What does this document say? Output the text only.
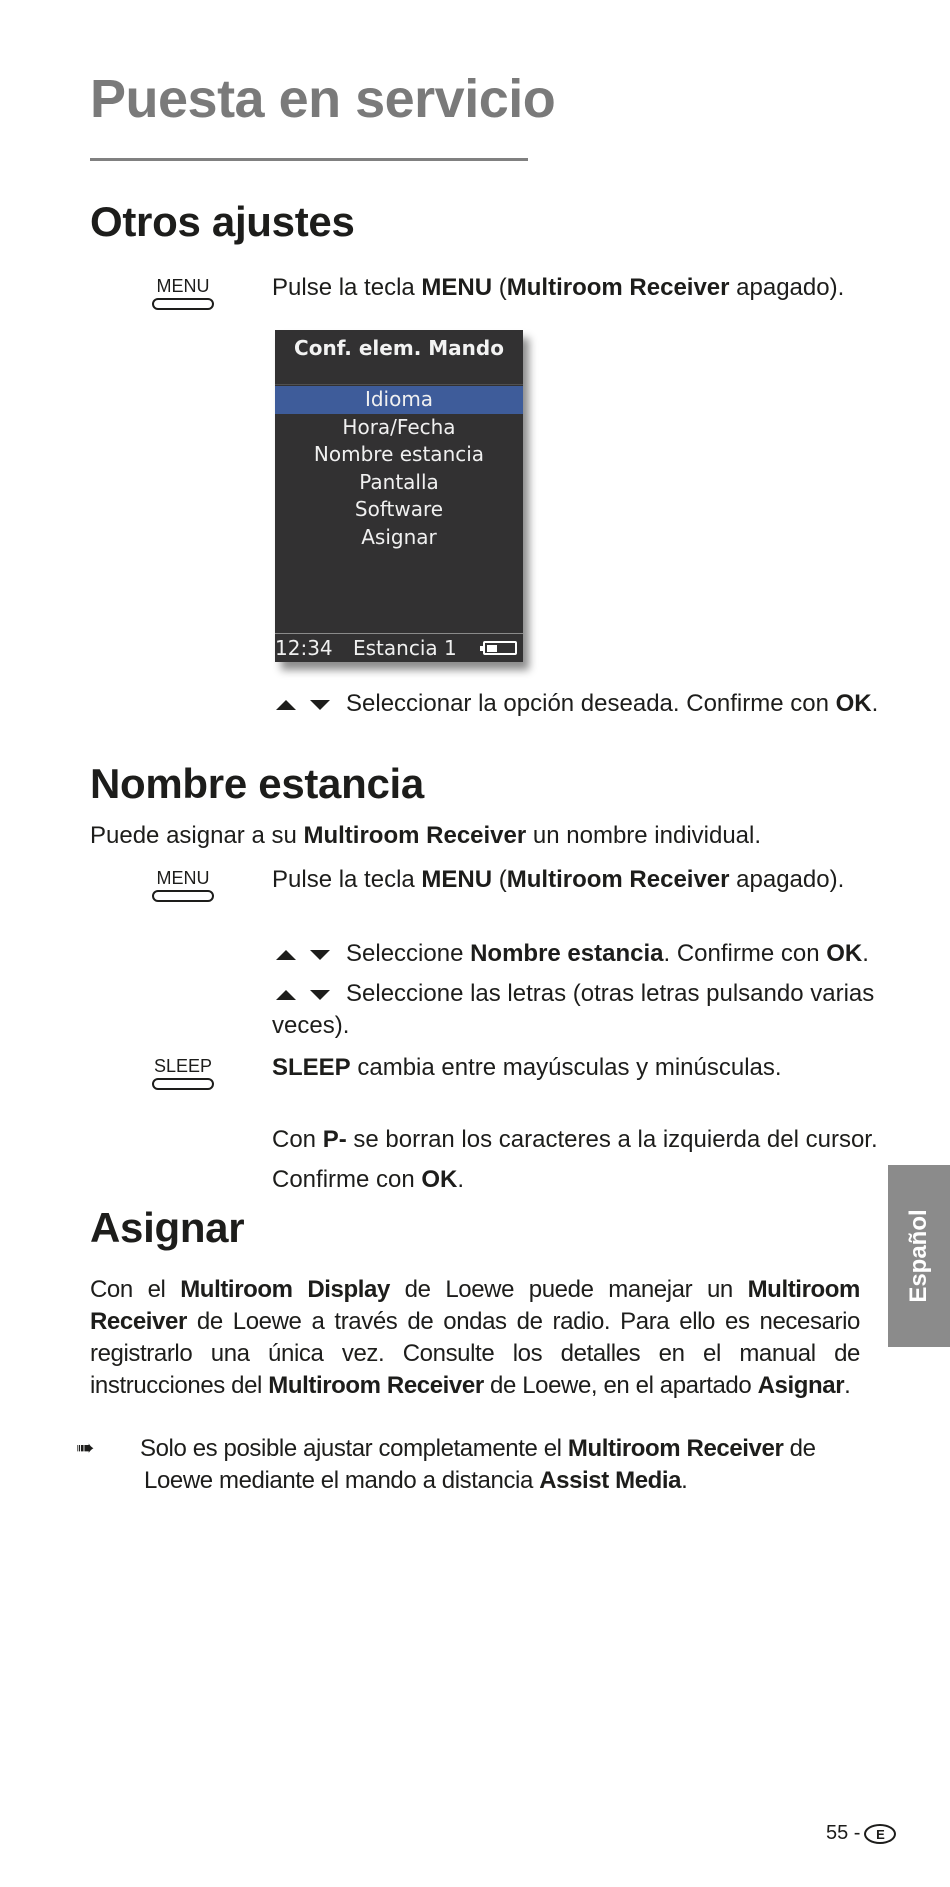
Puesta en servicio
Otros ajustes
MENU	Pulse la tecla MENU (Multiroom Receiver apagado).
Conf. elem. Mando
Idioma
Hora/Fecha
Nombre estancia
Pantalla
Software
Asignar
12:34 Estancia 1
Seleccionar la opción deseada. Confirme con OK.
Nombre estancia
Puede asignar a su Multiroom Receiver un nombre individual.
MENU	Pulse la tecla MENU (Multiroom Receiver apagado).
Seleccione Nombre estancia. Confirme con OK.
Seleccione las letras (otras letras pulsando varias
veces).
SLEEP SLEEP cambia entre mayúsculas y minúsculas.
Con P- se borran los caracteres a la izquierda del cursor.
Confirme con OK.
Asignar
Con el Multiroom Display de Loewe puede manejar un Multiroom Receiver de Loewe a través de ondas de radio. Para ello es necesario registrarlo una única vez. Consulte los detalles en el manual de instrucciones del Multiroom Receiver de Loewe, en el apartado Asignar.
➠ Solo es posible ajustar completamente el Multiroom Receiver de Loewe mediante el mando a distancia Assist Media.
Español
55 - E
